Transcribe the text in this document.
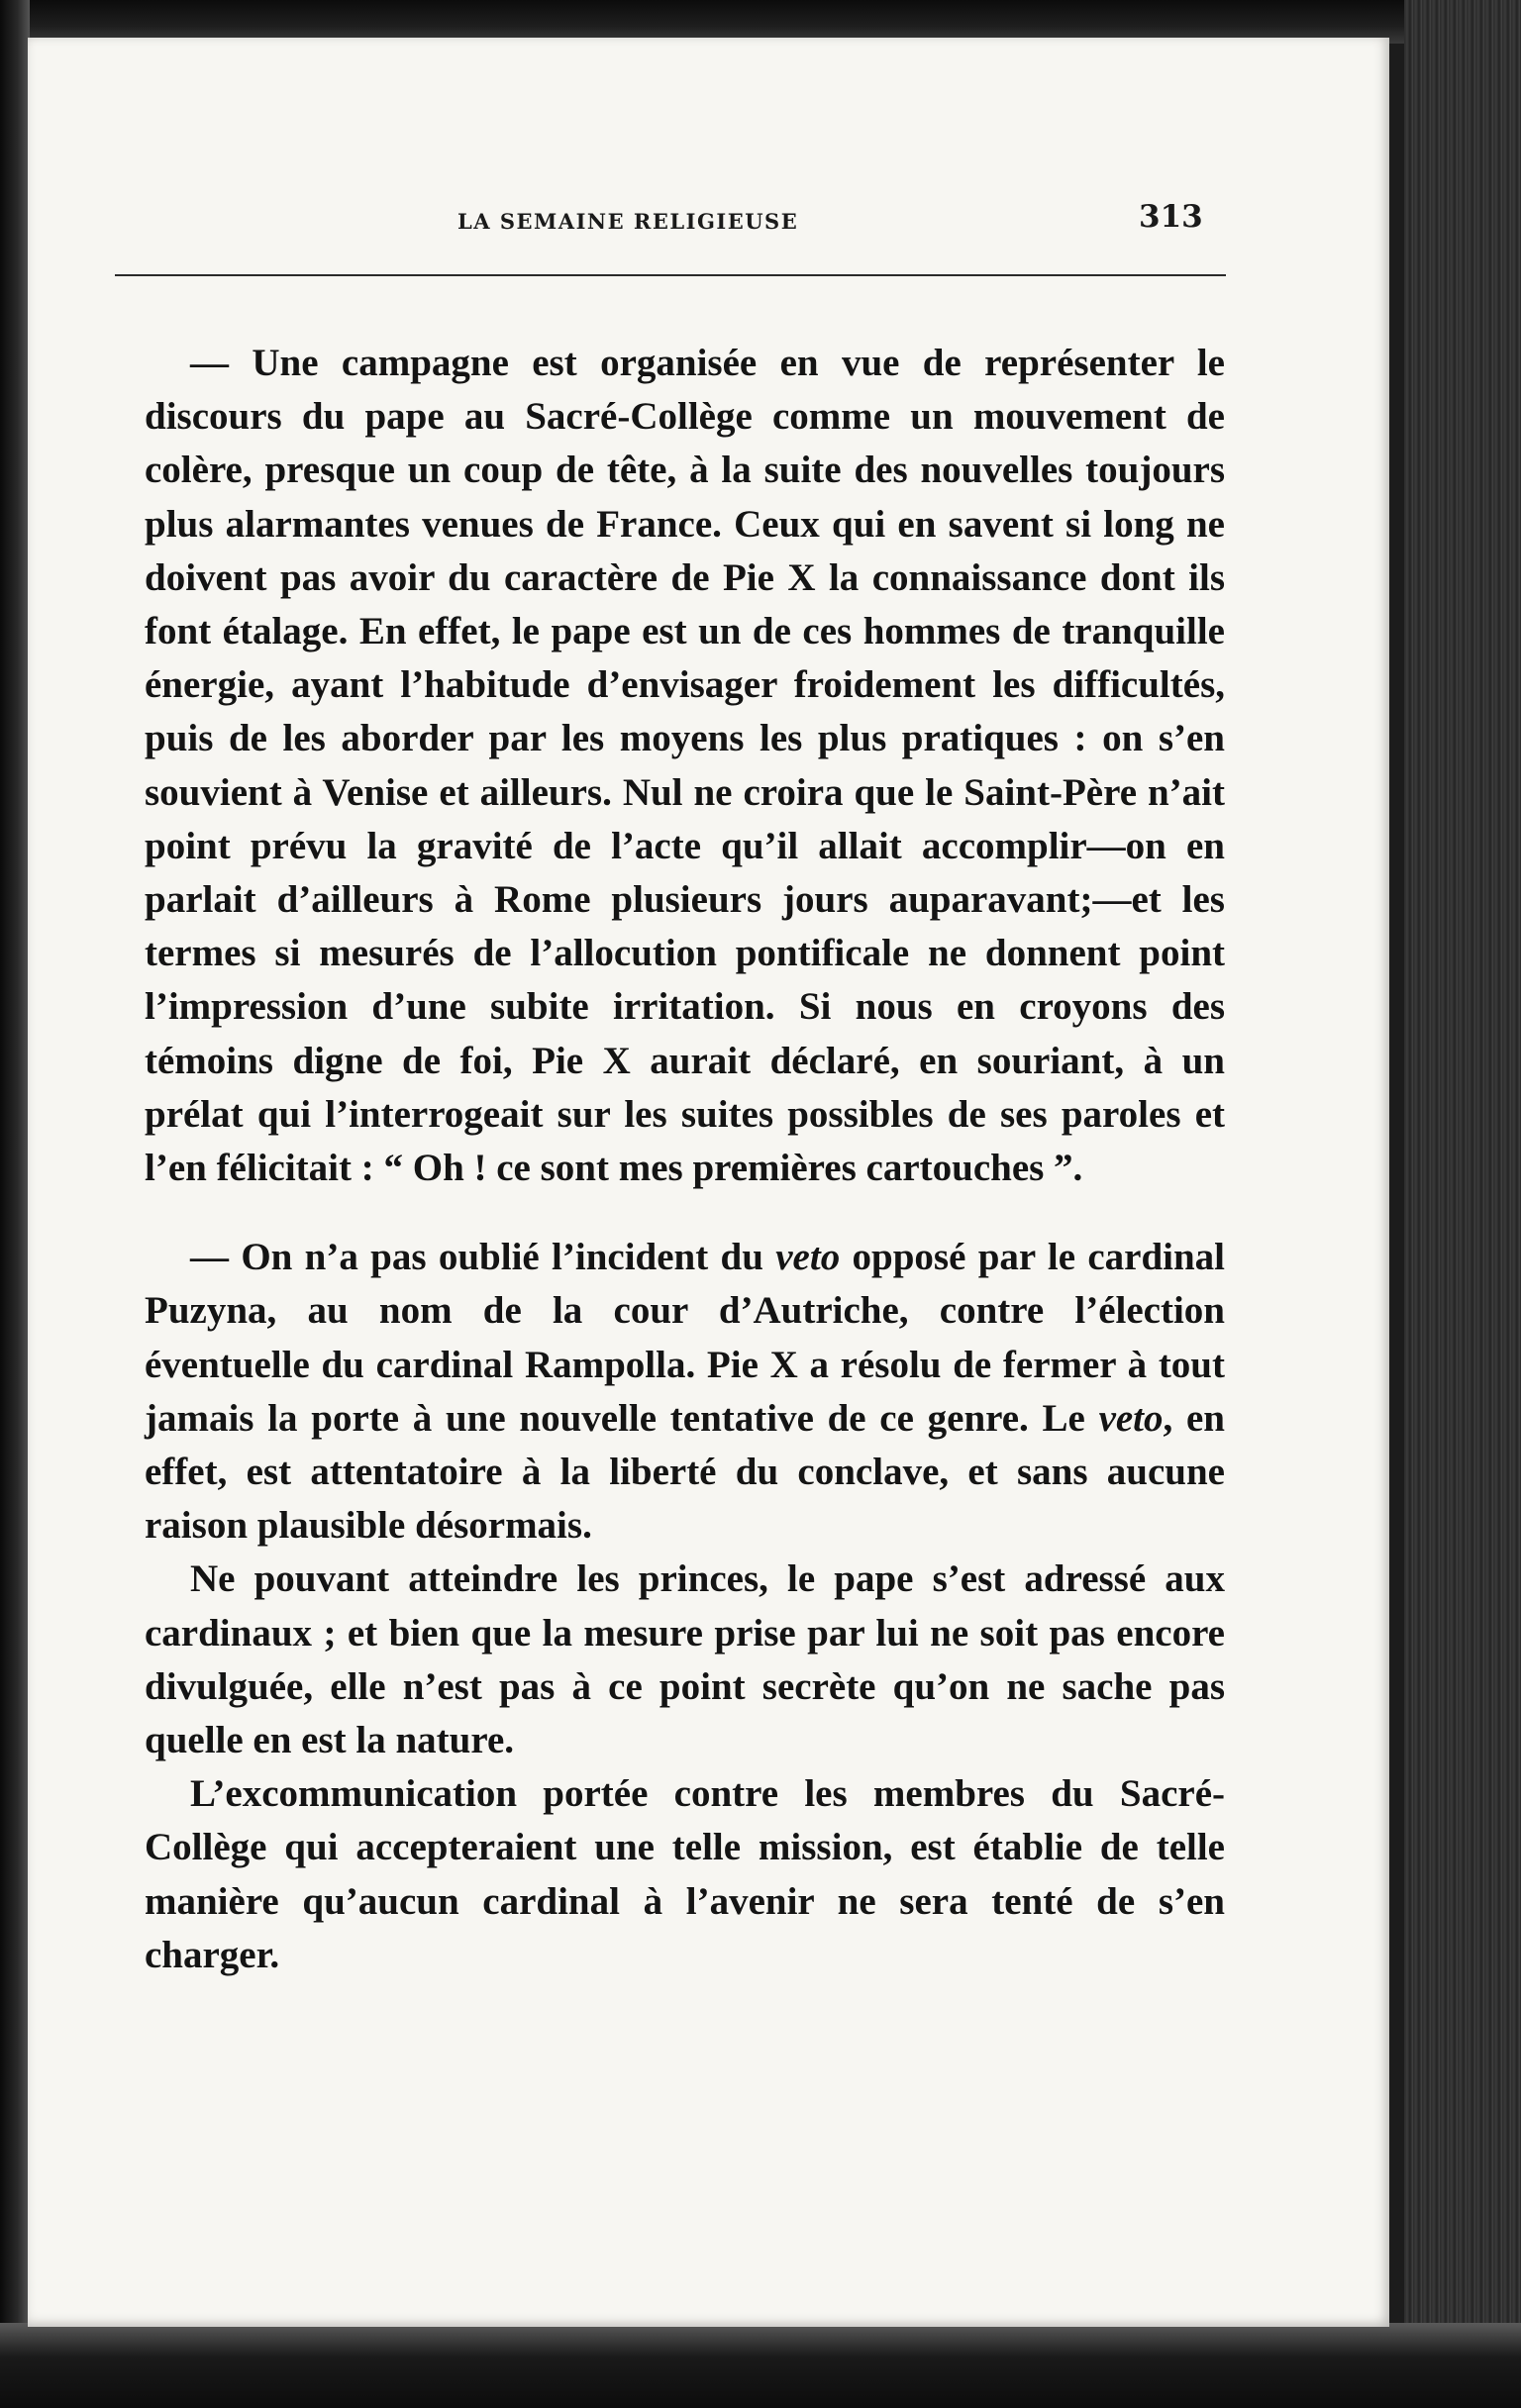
LA SEMAINE RELIGIEUSE	313

— Une campagne est organisée en vue de représenter le discours du pape au Sacré-Collège comme un mouvement de colère, presque un coup de tête, à la suite des nouvelles toujours plus alarmantes venues de France. Ceux qui en savent si long ne doivent pas avoir du caractère de Pie X la connaissance dont ils font étalage. En effet, le pape est un de ces hommes de tranquille énergie, ayant l’habitude d’envisager froidement les difficultés, puis de les aborder par les moyens les plus pratiques : on s’en souvient à Venise et ailleurs. Nul ne croira que le Saint-Père n’ait point prévu la gravité de l’acte qu’il allait accomplir—on en parlait d’ailleurs à Rome plusieurs jours auparavant;—et les termes si mesurés de l’allocution pontificale ne donnent point l’impression d’une subite irritation. Si nous en croyons des témoins digne de foi, Pie X aurait déclaré, en souriant, à un prélat qui l’interrogeait sur les suites possibles de ses paroles et l’en félicitait : “ Oh ! ce sont mes premières cartouches ”.

— On n’a pas oublié l’incident du veto opposé par le cardinal Puzyna, au nom de la cour d’Autriche, contre l’élection éventuelle du cardinal Rampolla. Pie X a résolu de fermer à tout jamais la porte à une nouvelle tentative de ce genre. Le veto, en effet, est attentatoire à la liberté du conclave, et sans aucune raison plausible désormais.

Ne pouvant atteindre les princes, le pape s’est adressé aux cardinaux ; et bien que la mesure prise par lui ne soit pas encore divulguée, elle n’est pas à ce point secrète qu’on ne sache pas quelle en est la nature.

L’excommunication portée contre les membres du Sacré-Collège qui accepteraient une telle mission, est établie de telle manière qu’aucun cardinal à l’avenir ne sera tenté de s’en charger.
